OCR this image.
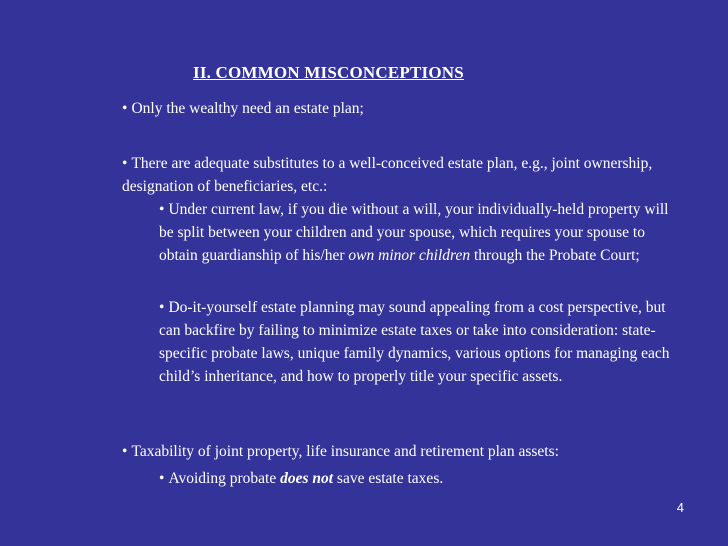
II. COMMON MISCONCEPTIONS
• Only the wealthy need an estate plan;
• There are adequate substitutes to a well-conceived estate plan, e.g., joint ownership, designation of beneficiaries, etc.:
• Under current law, if you die without a will, your individually-held property will be split between your children and your spouse, which requires your spouse to obtain guardianship of his/her own minor children through the Probate Court;
• Do-it-yourself estate planning may sound appealing from a cost perspective, but can backfire by failing to minimize estate taxes or take into consideration: state-specific probate laws, unique family dynamics, various options for managing each child’s inheritance, and how to properly title your specific assets.
• Taxability of joint property, life insurance and retirement plan assets:
• Avoiding probate does not save estate taxes.
4
